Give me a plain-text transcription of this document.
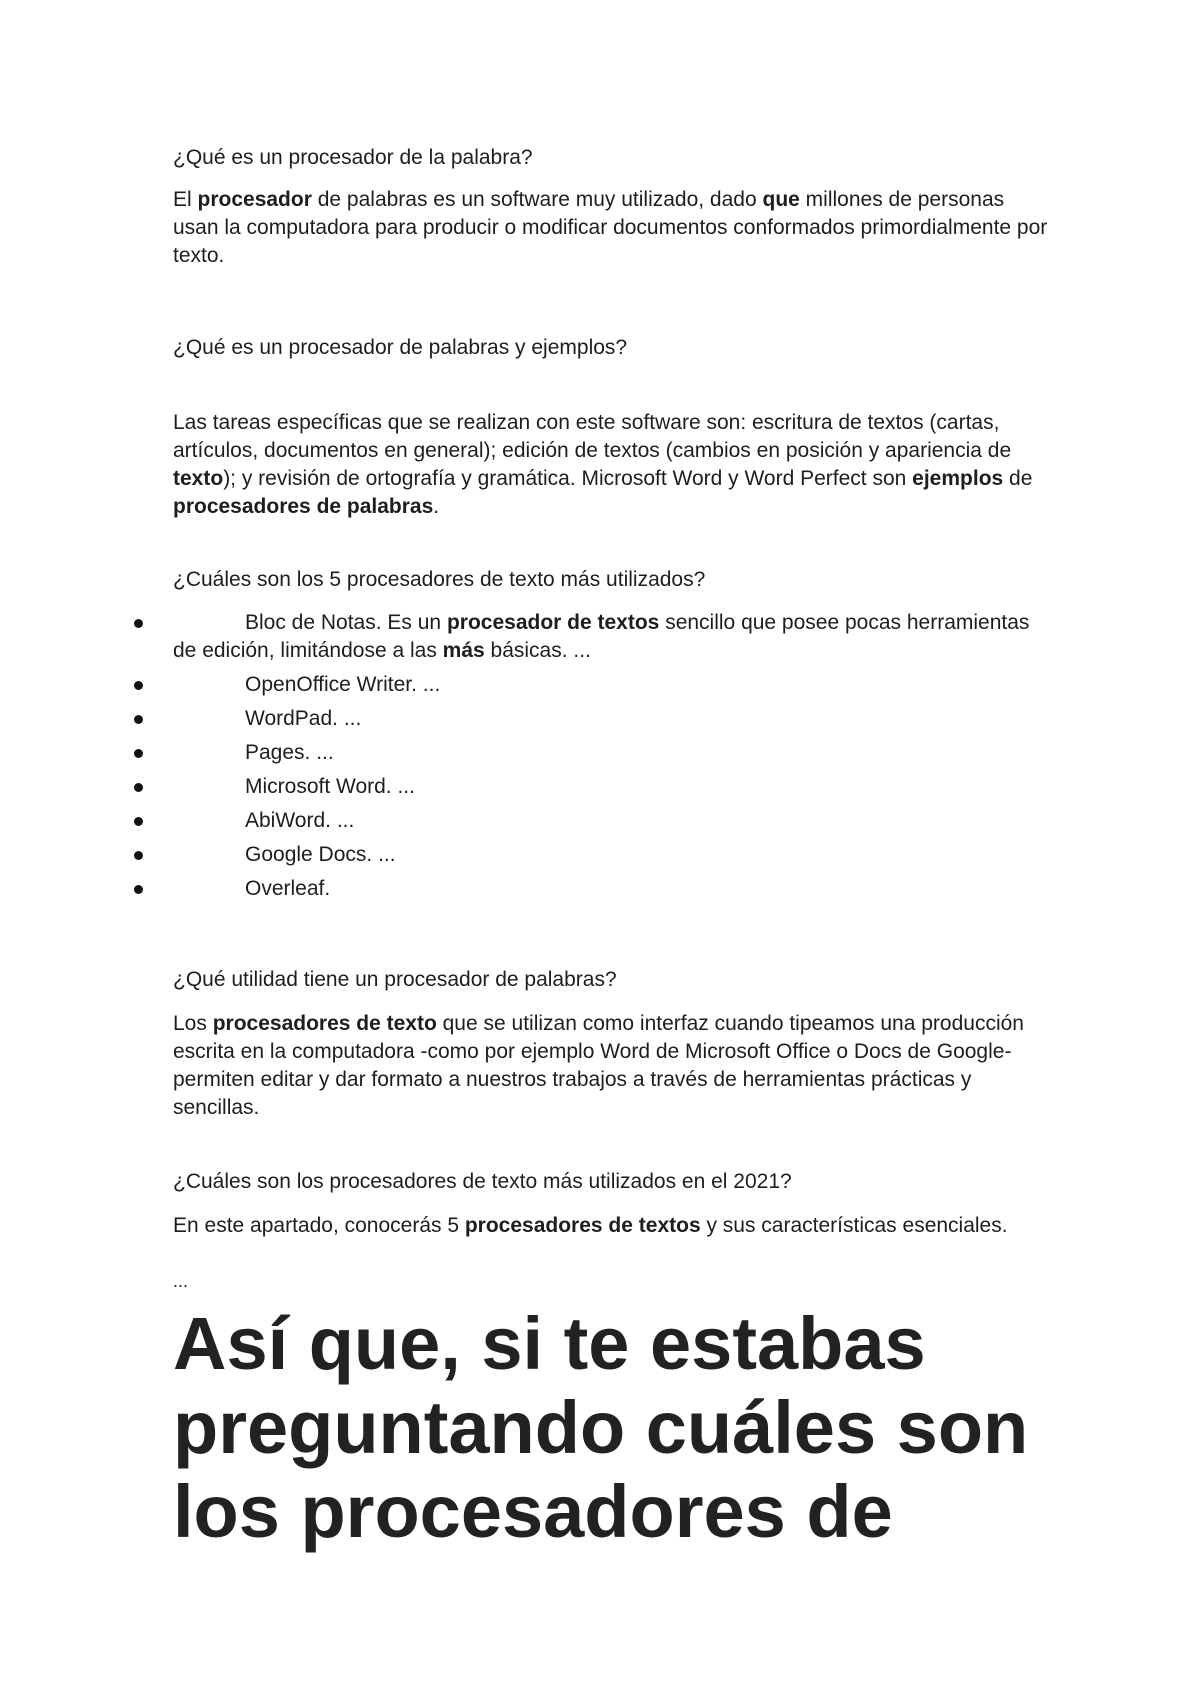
¿Qué es un procesador de la palabra?

El procesador de palabras es un software muy utilizado, dado que millones de personas usan la computadora para producir o modificar documentos conformados primordialmente por texto.

¿Qué es un procesador de palabras y ejemplos?

Las tareas específicas que se realizan con este software son: escritura de textos (cartas, artículos, documentos en general); edición de textos (cambios en posición y apariencia de texto); y revisión de ortografía y gramática. Microsoft Word y Word Perfect son ejemplos de procesadores de palabras.

¿Cuáles son los 5 procesadores de texto más utilizados?

Bloc de Notas. Es un procesador de textos sencillo que posee pocas herramientas de edición, limitándose a las más básicas. ...
OpenOffice Writer. ...
WordPad. ...
Pages. ...
Microsoft Word. ...
AbiWord. ...
Google Docs. ...
Overleaf.

¿Qué utilidad tiene un procesador de palabras?

Los procesadores de texto que se utilizan como interfaz cuando tipeamos una producción escrita en la computadora -como por ejemplo Word de Microsoft Office o Docs de Google- permiten editar y dar formato a nuestros trabajos a través de herramientas prácticas y sencillas.

¿Cuáles son los procesadores de texto más utilizados en el 2021?

En este apartado, conocerás 5 procesadores de textos y sus características esenciales.

...

Así que, si te estabas preguntando cuáles son los procesadores de
